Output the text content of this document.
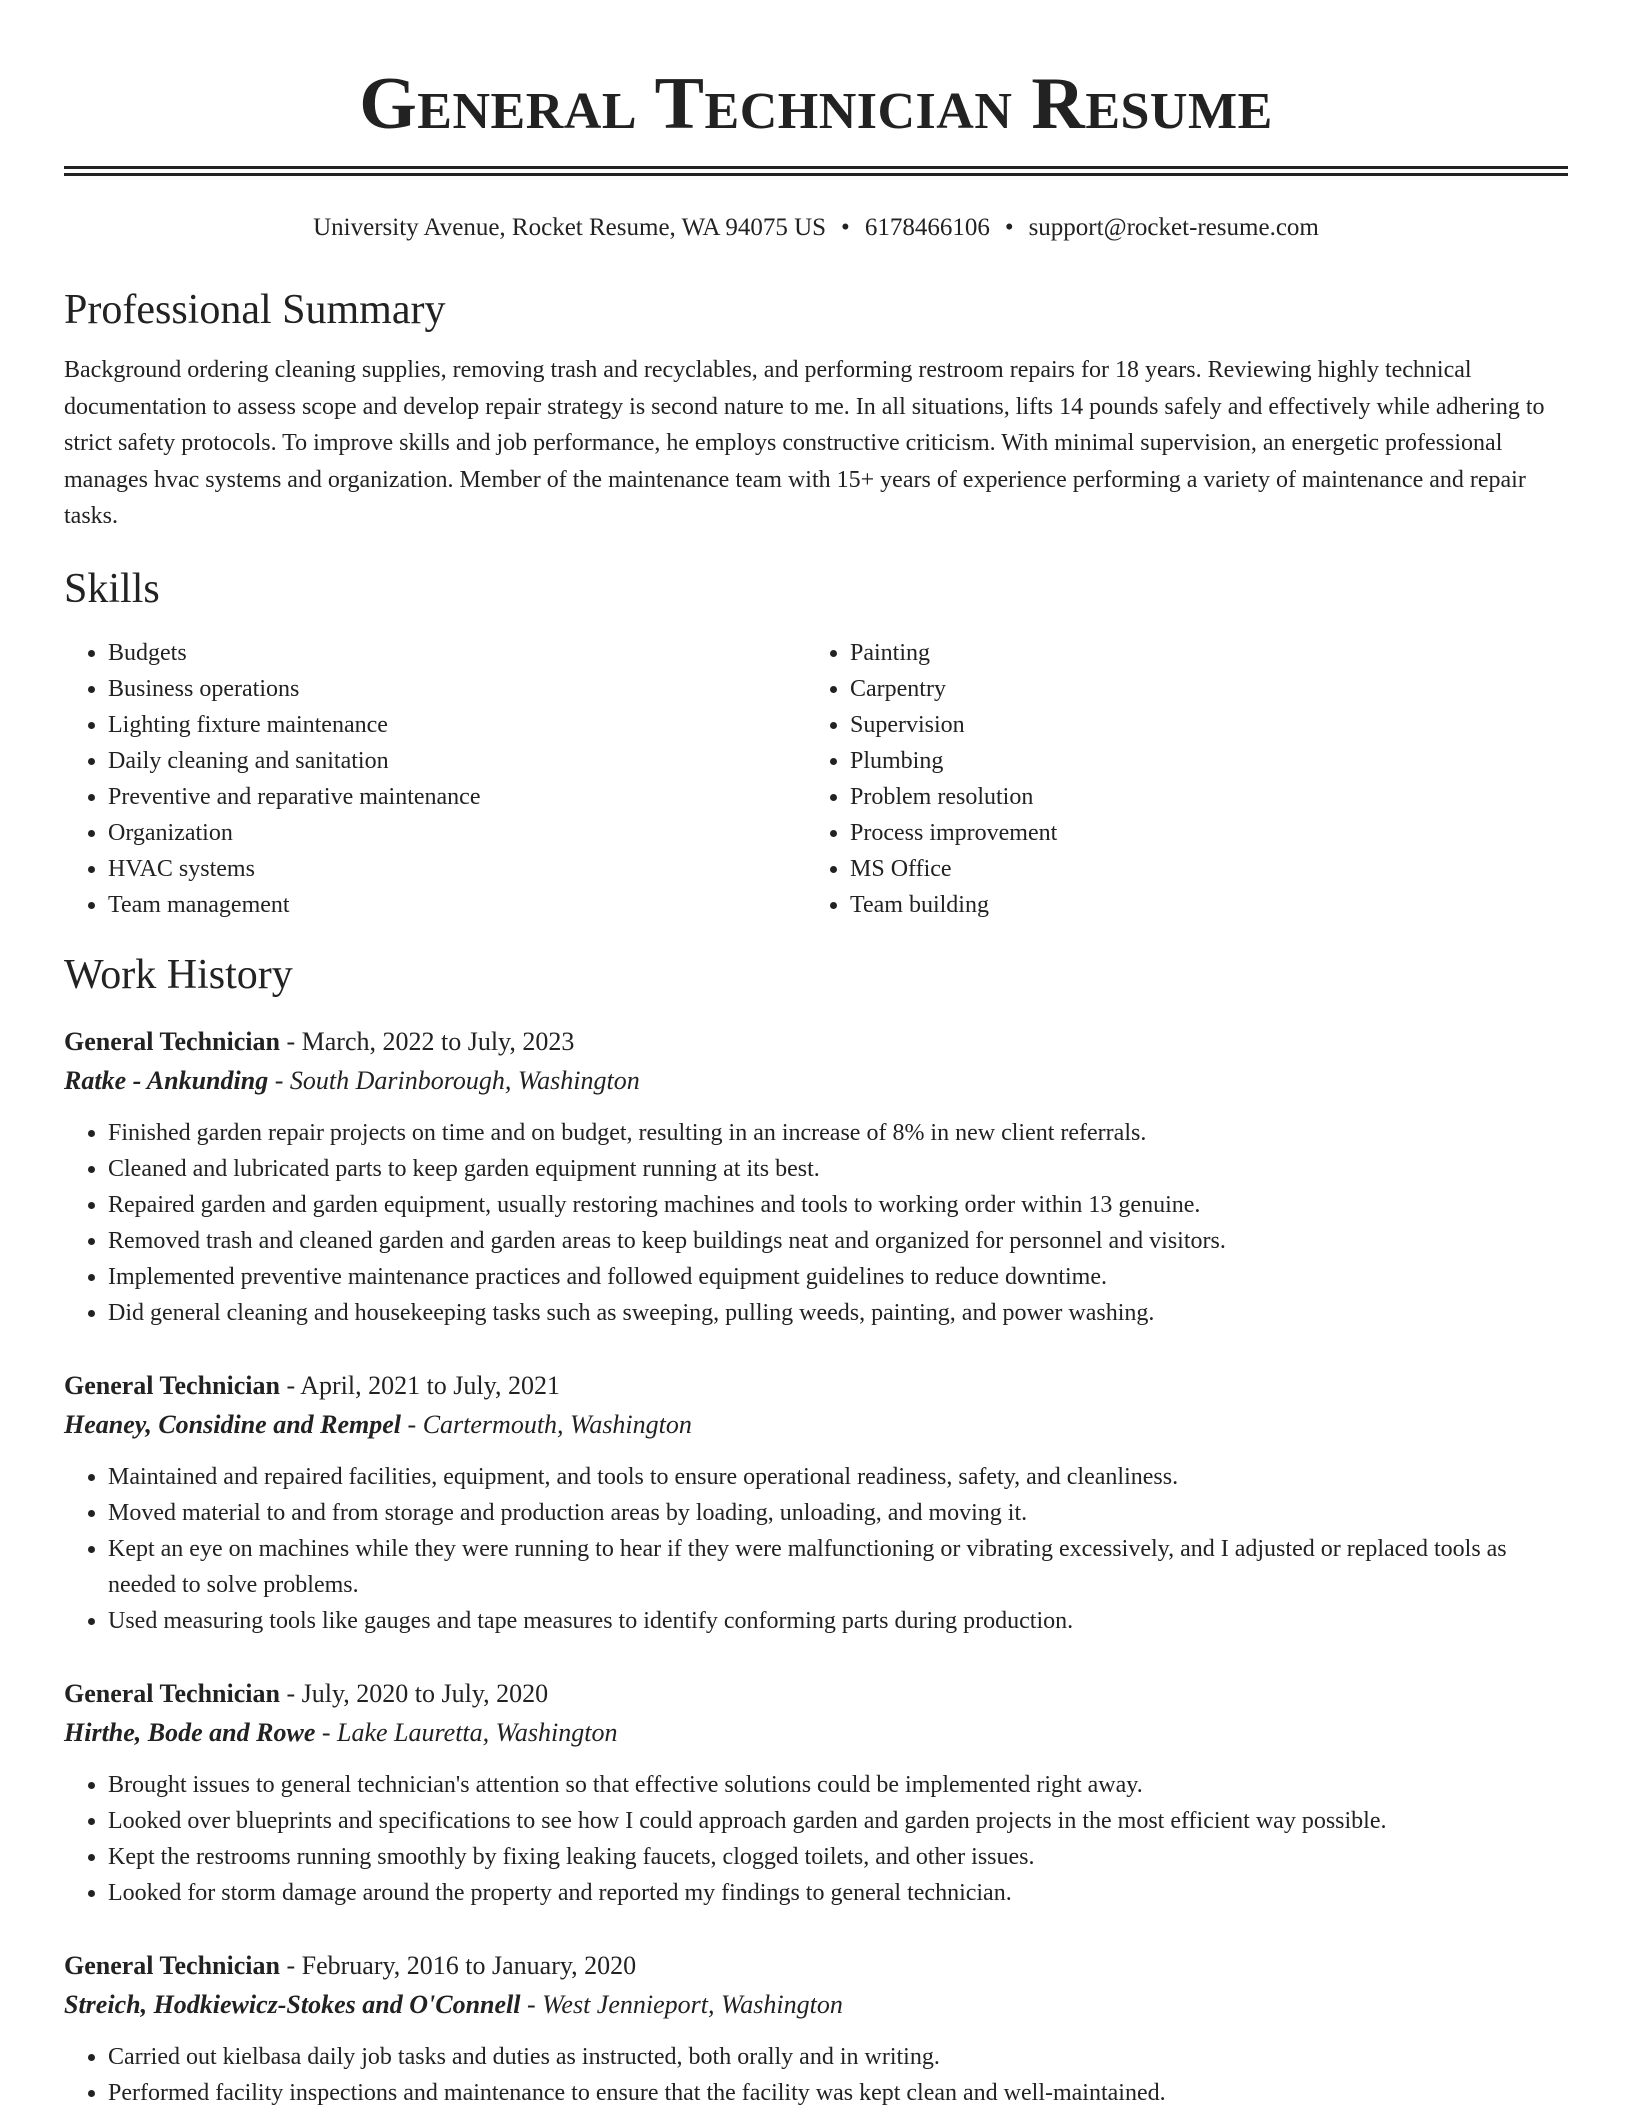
General Technician Resume
University Avenue, Rocket Resume, WA 94075 US • 6178466106 • support@rocket-resume.com
Professional Summary

Background ordering cleaning supplies, removing trash and recyclables, and performing restroom repairs for 18 years. Reviewing highly technical documentation to assess scope and develop repair strategy is second nature to me. In all situations, lifts 14 pounds safely and effectively while adhering to strict safety protocols. To improve skills and job performance, he employs constructive criticism. With minimal supervision, an energetic professional manages hvac systems and organization. Member of the maintenance team with 15+ years of experience performing a variety of maintenance and repair tasks.

Skills
• Budgets
• Business operations
• Lighting fixture maintenance
• Daily cleaning and sanitation
• Preventive and reparative maintenance
• Organization
• HVAC systems
• Team management
• Painting
• Carpentry
• Supervision
• Plumbing
• Problem resolution
• Process improvement
• MS Office
• Team building
Work History
General Technician - March, 2022 to July, 2023
Ratke - Ankunding - South Darinborough, Washington
• Finished garden repair projects on time and on budget, resulting in an increase of 8% in new client referrals.
• Cleaned and lubricated parts to keep garden equipment running at its best.
• Repaired garden and garden equipment, usually restoring machines and tools to working order within 13 genuine.
• Removed trash and cleaned garden and garden areas to keep buildings neat and organized for personnel and visitors.
• Implemented preventive maintenance practices and followed equipment guidelines to reduce downtime.
• Did general cleaning and housekeeping tasks such as sweeping, pulling weeds, painting, and power washing.
General Technician - April, 2021 to July, 2021
Heaney, Considine and Rempel - Cartermouth, Washington
• Maintained and repaired facilities, equipment, and tools to ensure operational readiness, safety, and cleanliness.
• Moved material to and from storage and production areas by loading, unloading, and moving it.
• Kept an eye on machines while they were running to hear if they were malfunctioning or vibrating excessively, and I adjusted or replaced tools as needed to solve problems.
• Used measuring tools like gauges and tape measures to identify conforming parts during production.
General Technician - July, 2020 to July, 2020
Hirthe, Bode and Rowe - Lake Lauretta, Washington
• Brought issues to general technician's attention so that effective solutions could be implemented right away.
• Looked over blueprints and specifications to see how I could approach garden and garden projects in the most efficient way possible.
• Kept the restrooms running smoothly by fixing leaking faucets, clogged toilets, and other issues.
• Looked for storm damage around the property and reported my findings to general technician.
General Technician - February, 2016 to January, 2020
Streich, Hodkiewicz-Stokes and O'Connell - West Jennieport, Washington
• Carried out kielbasa daily job tasks and duties as instructed, both orally and in writing.
• Performed facility inspections and maintenance to ensure that the facility was kept clean and well-maintained.
